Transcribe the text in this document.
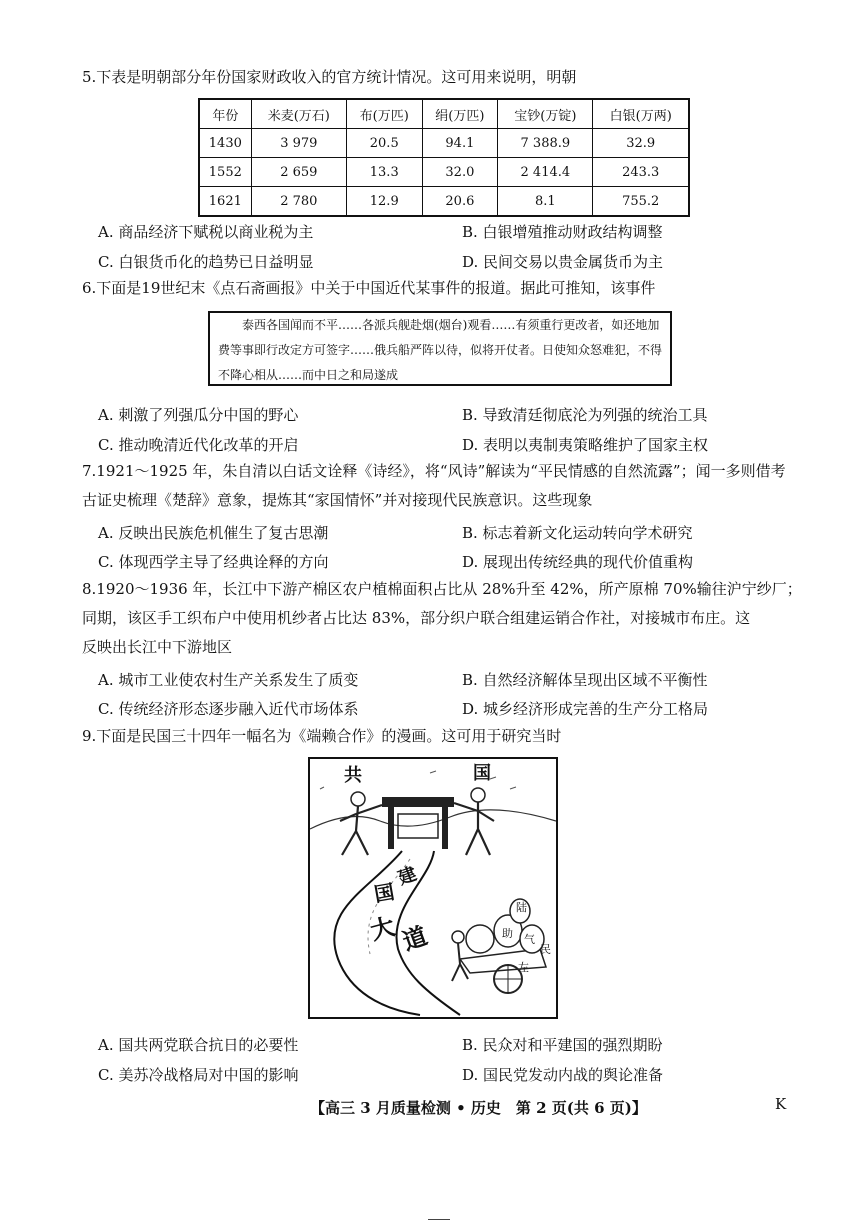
5.下表是明朝部分年份国家财政收入的官方统计情况。这可用来说明，明朝
年份	米麦(万石)	布(万匹)	绢(万匹)	宝钞(万锭)	白银(万两)
1430	3 979	20.5	94.1	7 388.9	32.9
1552	2 659	13.3	32.0	2 414.4	243.3
1621	2 780	12.9	20.6	8.1	755.2
A. 商品经济下赋税以商业税为主	B. 白银增殖推动财政结构调整
C. 白银货币化的趋势已日益明显	D. 民间交易以贵金属货币为主
6.下面是19世纪末《点石斋画报》中关于中国近代某事件的报道。据此可推知，该事件
泰西各国闻而不平……各派兵舰赴烟(烟台)观看……有须重行更改者，如还地加费等事即行改定方可签字……俄兵船严阵以待，似将开仗者。日使知众怒难犯，不得不降心相从……而中日之和局遂成
A. 刺激了列强瓜分中国的野心	B. 导致清廷彻底沦为列强的统治工具
C. 推动晚清近代化改革的开启	D. 表明以夷制夷策略维护了国家主权
7.1921～1925 年，朱自清以白话文诠释《诗经》，将“风诗”解读为“平民情感的自然流露”；闻一多则借考
古证史梳理《楚辞》意象，提炼其“家国情怀”并对接现代民族意识。这些现象
A. 反映出民族危机催生了复古思潮	B. 标志着新文化运动转向学术研究
C. 体现西学主导了经典诠释的方向	D. 展现出传统经典的现代价值重构
8.1920～1936 年，长江中下游产棉区农户植棉面积占比从 28%升至 42%，所产原棉 70%输往沪宁纱厂；
同期，该区手工织布户中使用机纱者占比达 83%，部分织户联合组建运销合作社，对接城市布庄。这
反映出长江中下游地区
A. 城市工业使农村生产关系发生了质变	B. 自然经济解体呈现出区域不平衡性
C. 传统经济形态逐步融入近代市场体系	D. 城乡经济形成完善的生产分工格局
9.下面是民国三十四年一幅名为《端赖合作》的漫画。这可用于研究当时
共	国
大
国
道
建
陆
气
民
助
左
A. 国共两党联合抗日的必要性	B. 民众对和平建国的强烈期盼
C. 美苏冷战格局对中国的影响	D. 国民党发动内战的舆论准备
【高三 3 月质量检测 • 历史　第 2 页(共 6 页)】	K
